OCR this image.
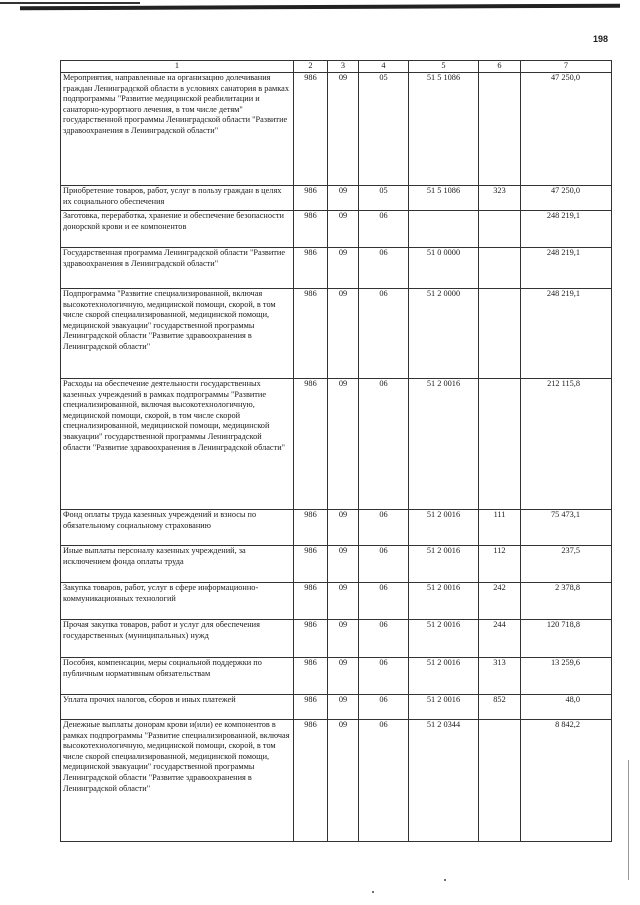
198
1	2	3	4	5	6	7
Мероприятия, направленные на организацию долечивания граждан Ленинградской области в условиях санатория в рамках подпрограммы "Развитие медицинской реабилитации и санаторно-курортного лечения, в том числе детям" государственной программы Ленинградской области "Развитие здравоохранения в Ленинградской области"	986	09	05	51 5 1086		47 250,0
Приобретение товаров, работ, услуг в пользу граждан в целях их социального обеспечения	986	09	05	51 5 1086	323	47 250,0
Заготовка, переработка, хранение и обеспечение безопасности донорской крови и ее компонентов	986	09	06			248 219,1
Государственная программа Ленинградской области "Развитие здравоохранения в Ленинградской области"	986	09	06	51 0 0000		248 219,1
Подпрограмма "Развитие специализированной, включая высокотехнологичную, медицинской помощи, скорой, в том числе скорой специализированной, медицинской помощи, медицинской эвакуации" государственной программы Ленинградской области "Развитие здравоохранения в Ленинградской области"	986	09	06	51 2 0000		248 219,1
Расходы на обеспечение деятельности государственных казенных учреждений в рамках подпрограммы "Развитие специализированной, включая высокотехнологичную, медицинской помощи, скорой, в том числе скорой специализированной, медицинской помощи, медицинской эвакуации" государственной программы Ленинградской области "Развитие здравоохранения в Ленинградской области"	986	09	06	51 2 0016		212 115,8
Фонд оплаты труда казенных учреждений и взносы по обязательному социальному страхованию	986	09	06	51 2 0016	111	75 473,1
Иные выплаты персоналу казенных учреждений, за исключением фонда оплаты труда	986	09	06	51 2 0016	112	237,5
Закупка товаров, работ, услуг в сфере информационно-коммуникационных технологий	986	09	06	51 2 0016	242	2 378,8
Прочая закупка товаров, работ и услуг для обеспечения государственных (муниципальных) нужд	986	09	06	51 2 0016	244	120 718,8
Пособия, компенсации, меры социальной поддержки по публичным нормативным обязательствам	986	09	06	51 2 0016	313	13 259,6
Уплата прочих налогов, сборов и иных платежей	986	09	06	51 2 0016	852	48,0
Денежные выплаты донорам крови и(или) ее компонентов в рамках подпрограммы "Развитие специализированной, включая высокотехнологичную, медицинской помощи, скорой, в том числе скорой специализированной, медицинской помощи, медицинской эвакуации" государственной программы Ленинградской области "Развитие здравоохранения в Ленинградской области"	986	09	06	51 2 0344		8 842,2
